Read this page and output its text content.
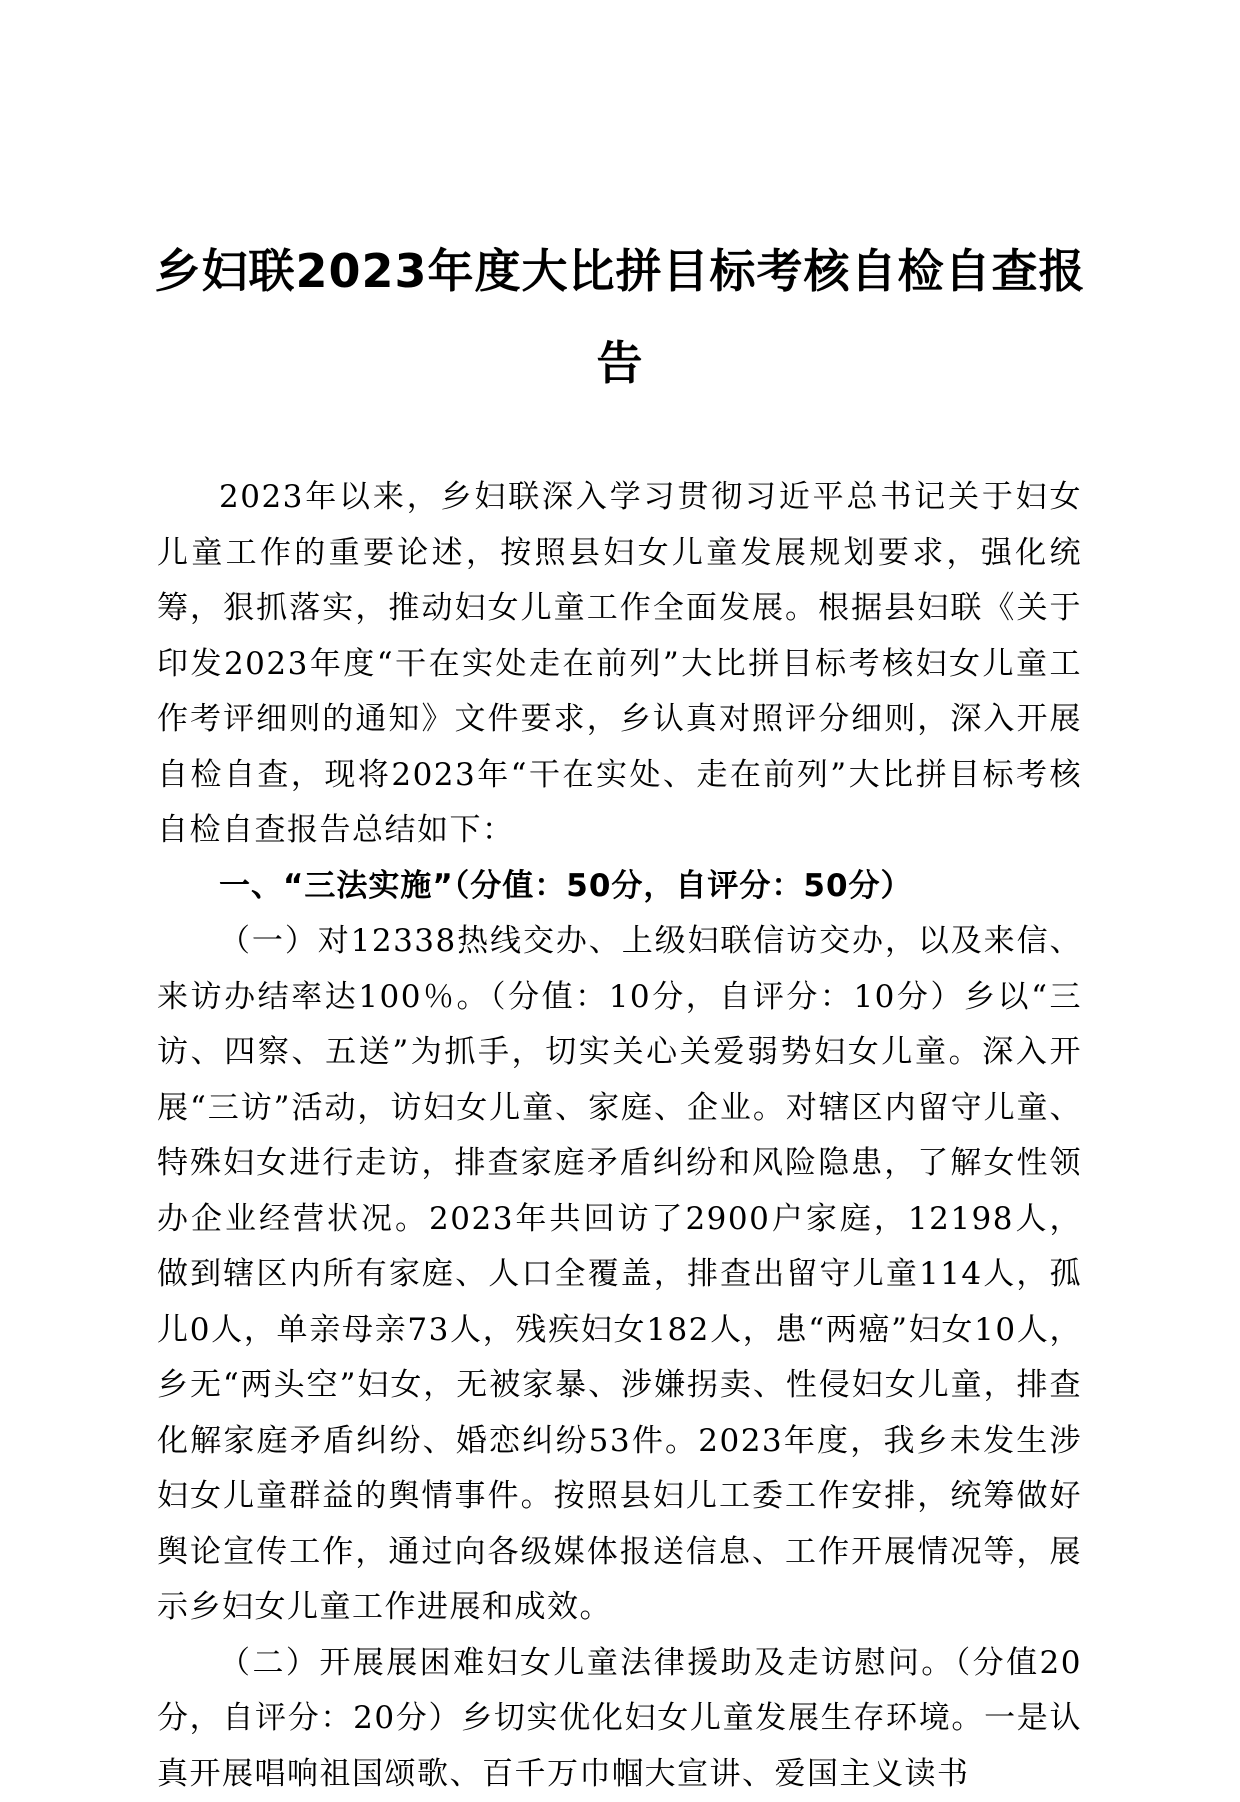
乡妇联2023年度大比拼目标考核自检自查报告

2023年以来，乡妇联深入学习贯彻习近平总书记关于妇女儿童工作的重要论述，按照县妇女儿童发展规划要求，强化统筹，狠抓落实，推动妇女儿童工作全面发展。根据县妇联《关于印发2023年度“干在实处走在前列”大比拼目标考核妇女儿童工作考评细则的通知》文件要求，乡认真对照评分细则，深入开展自检自查，现将2023年“干在实处、走在前列”大比拼目标考核自检自查报告总结如下：

一、“三法实施”（分值：50分，自评分：50分）

（一）对12338热线交办、上级妇联信访交办，以及来信、来访办结率达100％。（分值：10分，自评分：10分）乡以“三访、四察、五送”为抓手，切实关心关爱弱势妇女儿童。深入开展“三访”活动，访妇女儿童、家庭、企业。对辖区内留守儿童、特殊妇女进行走访，排查家庭矛盾纠纷和风险隐患，了解女性领办企业经营状况。2023年共回访了2900户家庭，12198人，做到辖区内所有家庭、人口全覆盖，排查出留守儿童114人，孤儿0人，单亲母亲73人，残疾妇女182人，患“两癌”妇女10人，乡无“两头空”妇女，无被家暴、涉嫌拐卖、性侵妇女儿童，排查化解家庭矛盾纠纷、婚恋纠纷53件。2023年度，我乡未发生涉妇女儿童群益的舆情事件。按照县妇儿工委工作安排，统筹做好舆论宣传工作，通过向各级媒体报送信息、工作开展情况等，展示乡妇女儿童工作进展和成效。

（二）开展展困难妇女儿童法律援助及走访慰问。（分值20分，自评分：20分）乡切实优化妇女儿童发展生存环境。一是认真开展唱响祖国颂歌、百千万巾帼大宣讲、爱国主义读书
